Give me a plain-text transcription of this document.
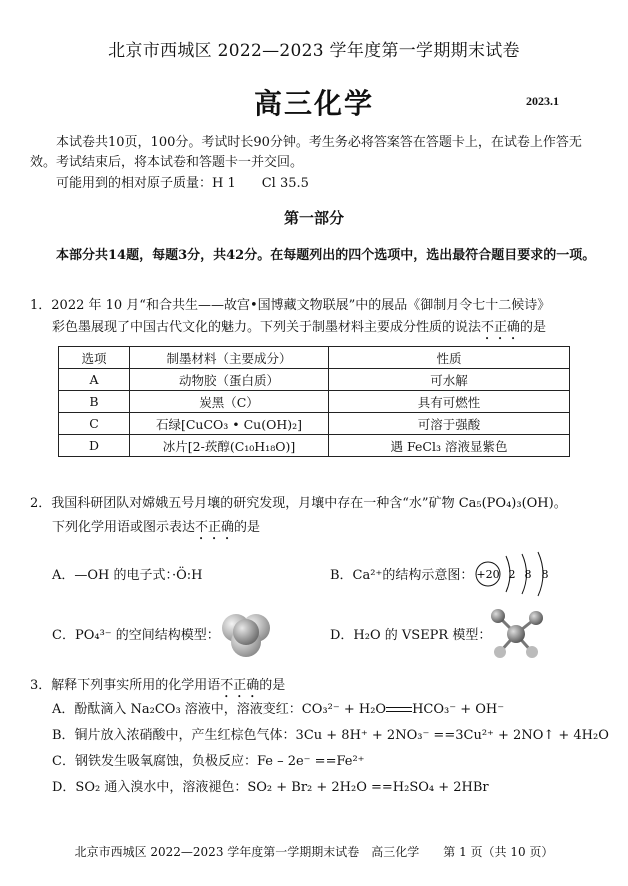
北京市西城区 2022—2023 学年度第一学期期末试卷
高三化学	2023.1
本试卷共10页，100分。考试时长90分钟。考生务必将答案答在答题卡上，在试卷上作答无效。考试结束后，将本试卷和答题卡一并交回。
可能用到的相对原子质量：H 1　　Cl 35.5
第一部分
本部分共14题，每题3分，共42分。在每题列出的四个选项中，选出最符合题目要求的一项。
1．2022 年 10 月“和合共生——故宫•国博藏文物联展”中的展品《御制月令七十二候诗》
彩色墨展现了中国古代文化的魅力。下列关于制墨材料主要成分性质的说法不正确的是
选项	制墨材料（主要成分）	性质
A	动物胶（蛋白质）	可水解
B	炭黑（C）	具有可燃性
C	石绿[CuCO₃ • Cu(OH)₂]	可溶于强酸
D	冰片[2-莰醇(C₁₀H₁₈O)]	遇 FeCl₃ 溶液显紫色
2．我国科研团队对嫦娥五号月壤的研究发现，月壤中存在一种含“水”矿物 Ca₅(PO₄)₃(OH)。
下列化学用语或图示表达不正确的是
A．—OH 的电子式：·Ö:H	B．Ca²⁺的结构示意图： +20 2 8 8
C．PO₄³⁻ 的空间结构模型：	D．H₂O 的 VSEPR 模型：
3．解释下列事实所用的化学用语不正确的是
A．酚酞滴入 Na₂CO₃ 溶液中，溶液变红：CO₃²⁻ + H₂O HCO₃⁻ + OH⁻
B．铜片放入浓硝酸中，产生红棕色气体：3Cu + 8H⁺ + 2NO₃⁻ ==3Cu²⁺ + 2NO↑ + 4H₂O
C．钢铁发生吸氧腐蚀，负极反应：Fe – 2e⁻ ==Fe²⁺
D．SO₂ 通入溴水中，溶液褪色：SO₂ + Br₂ + 2H₂O ==H₂SO₄ + 2HBr
北京市西城区 2022—2023 学年度第一学期期末试卷　高三化学　　第 1 页（共 10 页）
